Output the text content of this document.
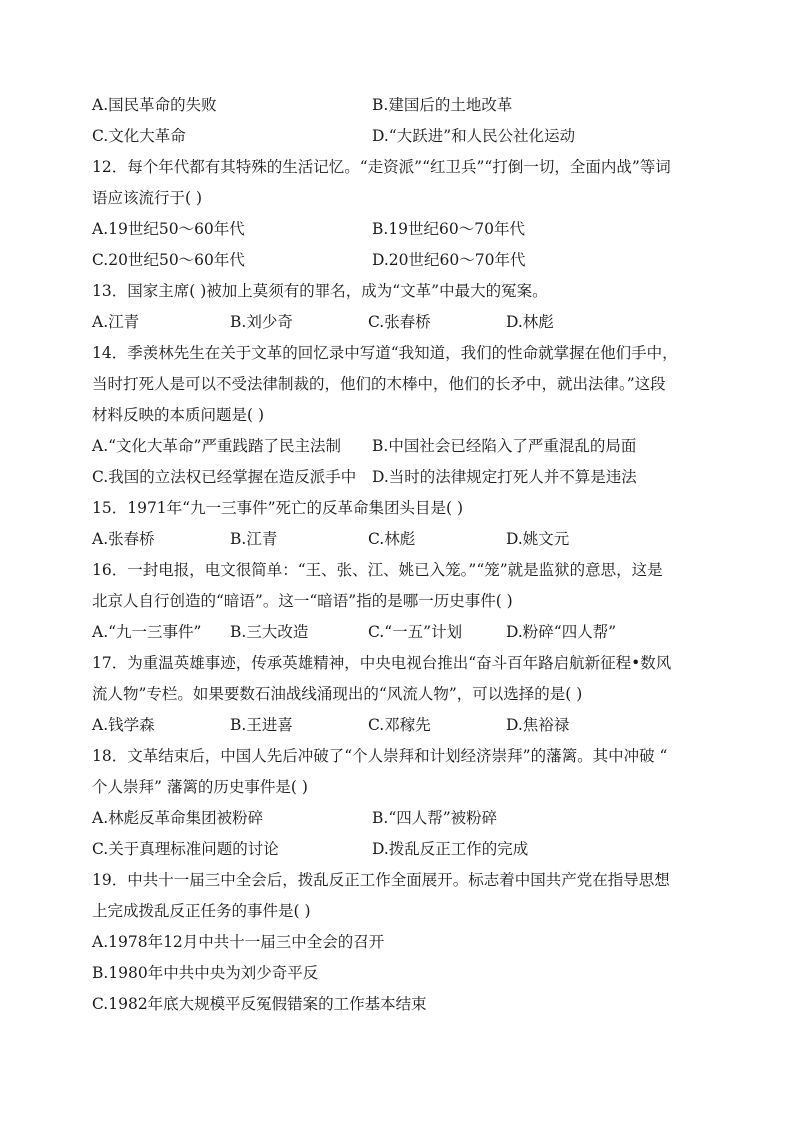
A.国民革命的失败	B.建国后的土地改革
C.文化大革命	D.“大跃进”和人民公社化运动
12．每个年代都有其特殊的生活记忆。“走资派”“红卫兵”“打倒一切，全面内战”等词
语应该流行于( )
A.19世纪50～60年代	B.19世纪60～70年代
C.20世纪50～60年代	D.20世纪60～70年代
13．国家主席( )被加上莫须有的罪名，成为“文革”中最大的冤案。
A.江青	B.刘少奇	C.张春桥	D.林彪
14．季羡林先生在关于文革的回忆录中写道“我知道，我们的性命就掌握在他们手中，
当时打死人是可以不受法律制裁的，他们的木棒中，他们的长矛中，就出法律。”这段
材料反映的本质问题是( )
A.“文化大革命”严重践踏了民主法制	B.中国社会已经陷入了严重混乱的局面
C.我国的立法权已经掌握在造反派手中	D.当时的法律规定打死人并不算是违法
15．1971年“九一三事件”死亡的反革命集团头目是( )
A.张春桥	B.江青	C.林彪	D.姚文元
16．一封电报，电文很简单：“王、张、江、姚已入笼。”“笼”就是监狱的意思，这是
北京人自行创造的“暗语”。这一“暗语”指的是哪一历史事件( )
A.“九一三事件”	B.三大改造	C.“一五”计划	D.粉碎“四人帮”
17．为重温英雄事迹，传承英雄精神，中央电视台推出“奋斗百年路启航新征程•数风
流人物”专栏。如果要数石油战线涌现出的“风流人物”，可以选择的是( )
A.钱学森	B.王进喜	C.邓稼先	D.焦裕禄
18．文革结束后，中国人先后冲破了“个人崇拜和计划经济崇拜”的藩篱。其中冲破 “
个人崇拜” 藩篱的历史事件是( )
A.林彪反革命集团被粉碎	B.“四人帮”被粉碎
C.关于真理标准问题的讨论	D.拨乱反正工作的完成
19．中共十一届三中全会后，拨乱反正工作全面展开。标志着中国共产党在指导思想
上完成拨乱反正任务的事件是( )
A.1978年12月中共十一届三中全会的召开
B.1980年中共中央为刘少奇平反
C.1982年底大规模平反冤假错案的工作基本结束
